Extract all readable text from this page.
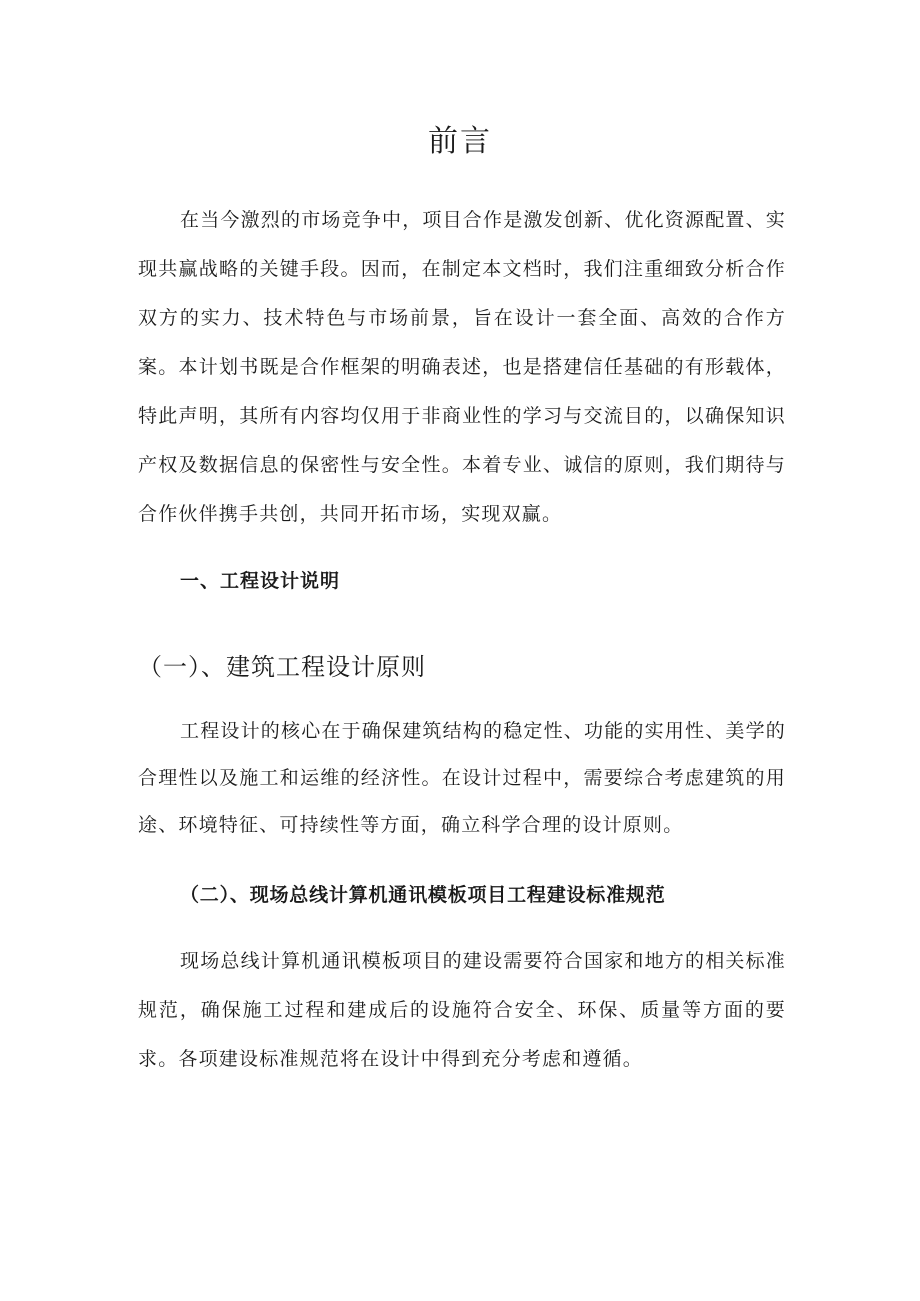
前言

在当今激烈的市场竞争中，项目合作是激发创新、优化资源配置、实现共赢战略的关键手段。因而，在制定本文档时，我们注重细致分析合作双方的实力、技术特色与市场前景，旨在设计一套全面、高效的合作方案。本计划书既是合作框架的明确表述，也是搭建信任基础的有形载体，特此声明，其所有内容均仅用于非商业性的学习与交流目的，以确保知识产权及数据信息的保密性与安全性。本着专业、诚信的原则，我们期待与合作伙伴携手共创，共同开拓市场，实现双赢。

一、工程设计说明
（一）、建筑工程设计原则

工程设计的核心在于确保建筑结构的稳定性、功能的实用性、美学的合理性以及施工和运维的经济性。在设计过程中，需要综合考虑建筑的用途、环境特征、可持续性等方面，确立科学合理的设计原则。

（二）、现场总线计算机通讯模板项目工程建设标准规范

现场总线计算机通讯模板项目的建设需要符合国家和地方的相关标准规范，确保施工过程和建成后的设施符合安全、环保、质量等方面的要求。各项建设标准规范将在设计中得到充分考虑和遵循。
